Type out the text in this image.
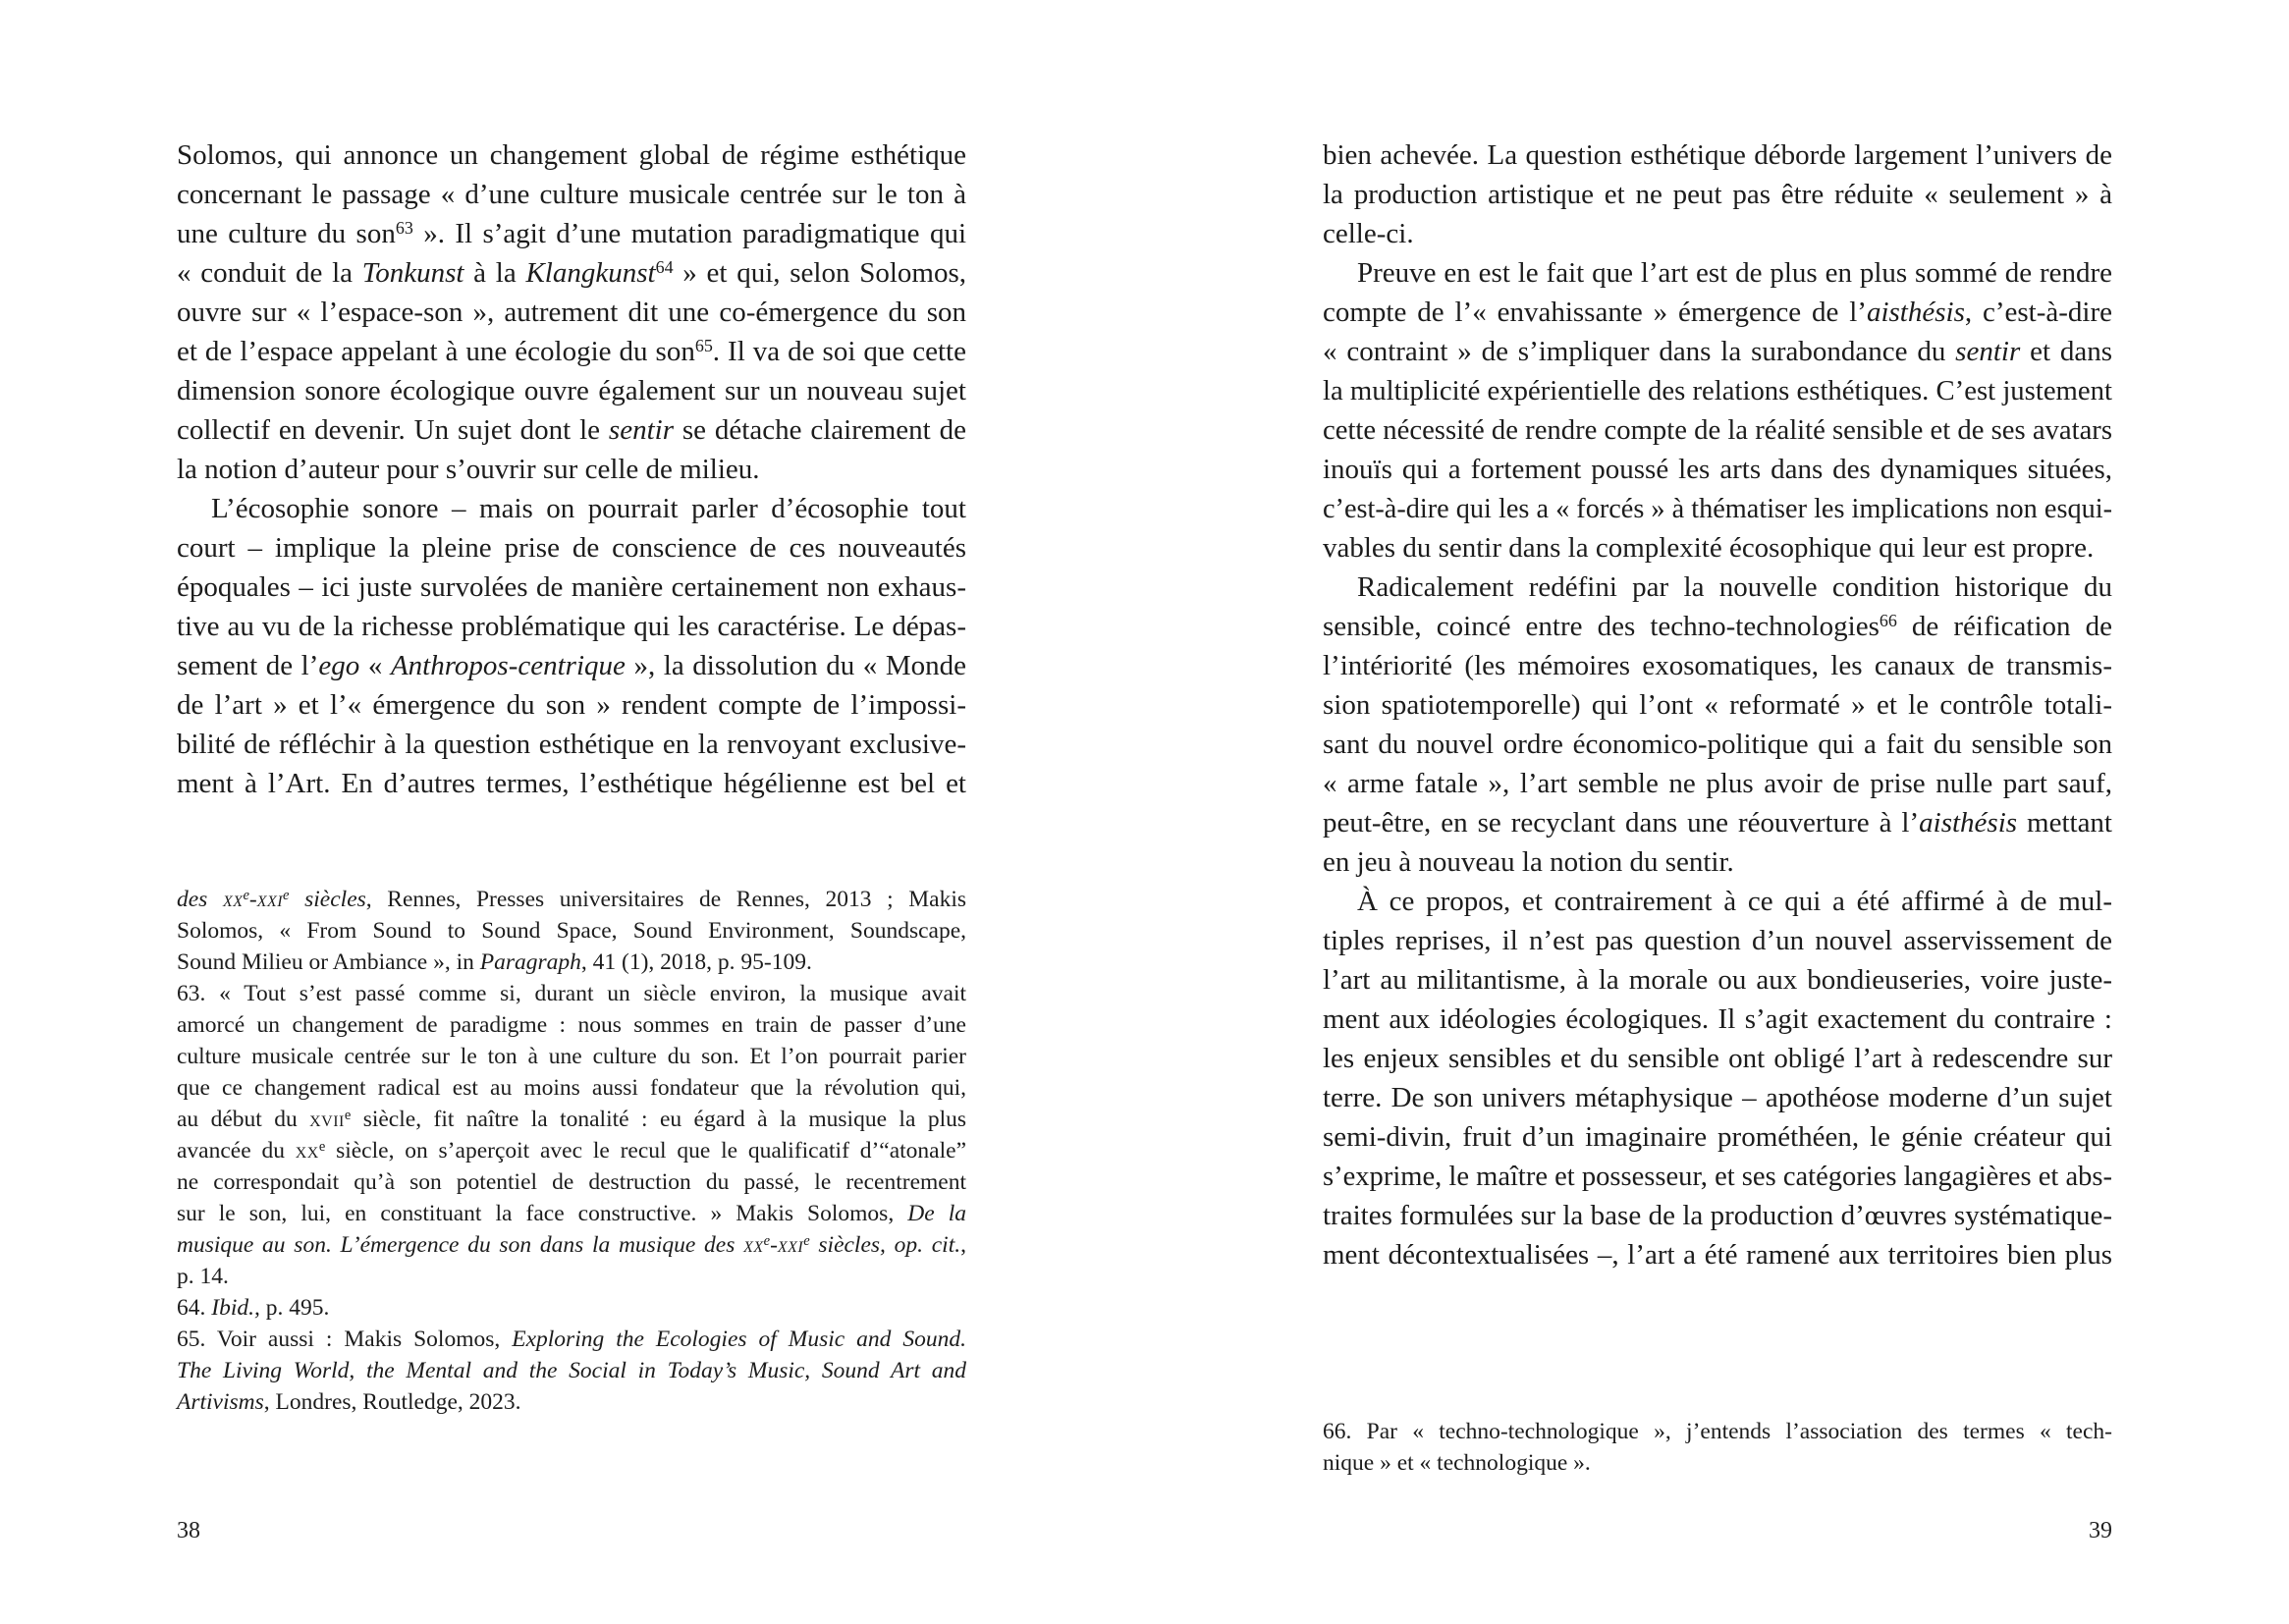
Solomos, qui annonce un changement global de régime esthétique
concernant le passage « d’une culture musicale centrée sur le ton à
une culture du son$^{63}$ ». Il s’agit d’une mutation paradigmatique qui
« conduit de la Tonkunst à la Klangkunst$^{64}$ » et qui, selon Solomos,
ouvre sur « l’espace-son », autrement dit une co-émergence du son
et de l’espace appelant à une écologie du son$^{65}$. Il va de soi que cette
dimension sonore écologique ouvre également sur un nouveau sujet
collectif en devenir. Un sujet dont le sentir se détache clairement de
la notion d’auteur pour s’ouvrir sur celle de milieu.
L’écosophie sonore – mais on pourrait parler d’écosophie tout
court – implique la pleine prise de conscience de ces nouveautés
époquales – ici juste survolées de manière certainement non exhaus-
tive au vu de la richesse problématique qui les caractérise. Le dépas-
sement de l’ego « Anthropos-centrique », la dissolution du « Monde
de l’art » et l’« émergence du son » rendent compte de l’impossi-
bilité de réfléchir à la question esthétique en la renvoyant exclusive-
ment à l’Art. En d’autres termes, l’esthétique hégélienne est bel et
des $xx^e-xxi^e$ siècles, Rennes, Presses universitaires de Rennes, 2013 ; Makis
Solomos, « From Sound to Sound Space, Sound Environment, Soundscape,
Sound Milieu or Ambiance », in Paragraph, 41 (1), 2018, p. 95-109.
63. « Tout s’est passé comme si, durant un siècle environ, la musique avait
amorcé un changement de paradigme : nous sommes en train de passer d’une
culture musicale centrée sur le ton à une culture du son. Et l’on pourrait parier
que ce changement radical est au moins aussi fondateur que la révolution qui,
au début du xvii$^e$ siècle, fit naître la tonalité : eu égard à la musique la plus
avancée du $xx^e$ siècle, on s’aperçoit avec le recul que le qualificatif d’“atonale”
ne correspondait qu’à son potentiel de destruction du passé, le recentrement
sur le son, lui, en constituant la face constructive. » Makis Solomos, De la
musique au son. L’émergence du son dans la musique des $xx^e-xxi^e$ siècles, op. cit.,
p. 14.
64. Ibid., p. 495.
65. Voir aussi : Makis Solomos, Exploring the Ecologies of Music and Sound.
The Living World, the Mental and the Social in Today’s Music, Sound Art and
Artivisms, Londres, Routledge, 2023.
38
bien achevée. La question esthétique déborde largement l’univers de
la production artistique et ne peut pas être réduite « seulement » à
celle-ci.
Preuve en est le fait que l’art est de plus en plus sommé de rendre
compte de l’« envahissante » émergence de l’aisthésis, c’est-à-dire
« contraint » de s’impliquer dans la surabondance du sentir et dans
la multiplicité expérientielle des relations esthétiques. C’est justement
cette nécessité de rendre compte de la réalité sensible et de ses avatars
inouïs qui a fortement poussé les arts dans des dynamiques situées,
c’est-à-dire qui les a « forcés » à thématiser les implications non esqui-
vables du sentir dans la complexité écosophique qui leur est propre.
Radicalement redéfini par la nouvelle condition historique du
sensible, coincé entre des techno-technologies$^{66}$ de réification de
l’intériorité (les mémoires exosomatiques, les canaux de transmis-
sion spatiotemporelle) qui l’ont « reformaté » et le contrôle totali-
sant du nouvel ordre économico-politique qui a fait du sensible son
« arme fatale », l’art semble ne plus avoir de prise nulle part sauf,
peut-être, en se recyclant dans une réouverture à l’aisthésis mettant
en jeu à nouveau la notion du sentir.
À ce propos, et contrairement à ce qui a été affirmé à de mul-
tiples reprises, il n’est pas question d’un nouvel asservissement de
l’art au militantisme, à la morale ou aux bondieuseries, voire juste-
ment aux idéologies écologiques. Il s’agit exactement du contraire :
les enjeux sensibles et du sensible ont obligé l’art à redescendre sur
terre. De son univers métaphysique – apothéose moderne d’un sujet
semi-divin, fruit d’un imaginaire prométhéen, le génie créateur qui
s’exprime, le maître et possesseur, et ses catégories langagières et abs-
traites formulées sur la base de la production d’œuvres systématique-
ment décontextualisées –, l’art a été ramené aux territoires bien plus
66. Par « techno-technologique », j’entends l’association des termes « tech-
nique » et « technologique ».
39
